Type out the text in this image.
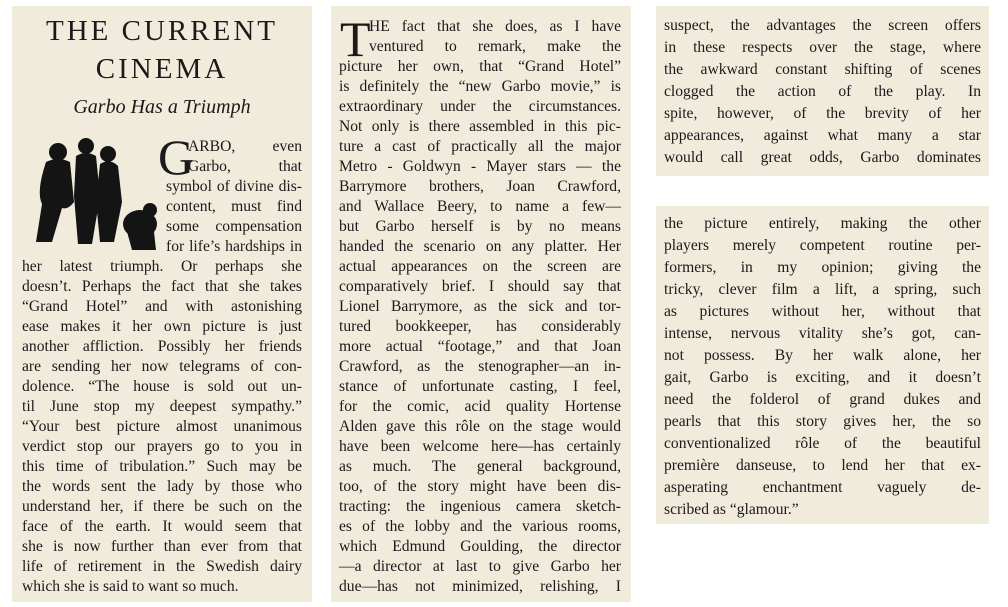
THE CURRENT
CINEMA
Garbo Has a Triumph
G
ARBO, even
Garbo, that
symbol of divine dis-
content, must find
some compensation
for life’s hardships in
her latest triumph. Or perhaps she
doesn’t. Perhaps the fact that she takes
“Grand Hotel” and with astonishing
ease makes it her own picture is just
another affliction. Possibly her friends
are sending her now telegrams of con-
dolence. “The house is sold out un-
til June stop my deepest sympathy.”
“Your best picture almost unanimous
verdict stop our prayers go to you in
this time of tribulation.” Such may be
the words sent the lady by those who
understand her, if there be such on the
face of the earth. It would seem that
she is now further than ever from that
life of retirement in the Swedish dairy
which she is said to want so much.
T
HE fact that she does, as I have
ventured to remark, make the
picture her own, that “Grand Hotel”
is definitely the “new Garbo movie,” is
extraordinary under the circumstances.
Not only is there assembled in this pic-
ture a cast of practically all the major
Metro - Goldwyn - Mayer stars — the
Barrymore brothers, Joan Crawford,
and Wallace Beery, to name a few—
but Garbo herself is by no means
handed the scenario on any platter. Her
actual appearances on the screen are
comparatively brief. I should say that
Lionel Barrymore, as the sick and tor-
tured bookkeeper, has considerably
more actual “footage,” and that Joan
Crawford, as the stenographer—an in-
stance of unfortunate casting, I feel,
for the comic, acid quality Hortense
Alden gave this rôle on the stage would
have been welcome here—has certainly
as much. The general background,
too, of the story might have been dis-
tracting: the ingenious camera sketch-
es of the lobby and the various rooms,
which Edmund Goulding, the director
—a director at last to give Garbo her
due—has not minimized, relishing, I
suspect, the advantages the screen offers
in these respects over the stage, where
the awkward constant shifting of scenes
clogged the action of the play. In
spite, however, of the brevity of her
appearances, against what many a star
would call great odds, Garbo dominates
the picture entirely, making the other
players merely competent routine per-
formers, in my opinion; giving the
tricky, clever film a lift, a spring, such
as pictures without her, without that
intense, nervous vitality she’s got, can-
not possess. By her walk alone, her
gait, Garbo is exciting, and it doesn’t
need the folderol of grand dukes and
pearls that this story gives her, the so
conventionalized rôle of the beautiful
première danseuse, to lend her that ex-
asperating enchantment vaguely de-
scribed as “glamour.”
